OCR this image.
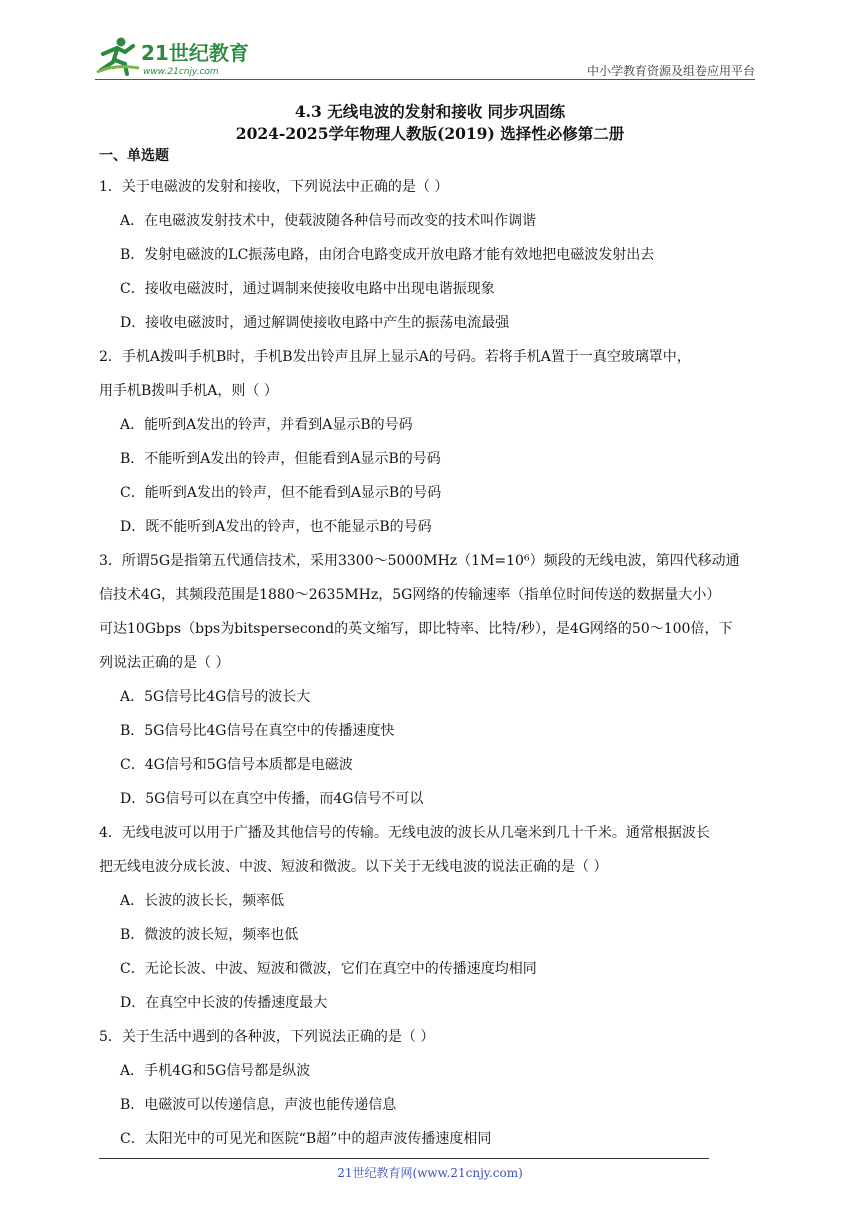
21世纪教育
www.21cnjy.com	中小学教育资源及组卷应用平台
4.3 无线电波的发射和接收 同步巩固练
2024-2025学年物理人教版(2019) 选择性必修第二册
一、单选题
1．关于电磁波的发射和接收，下列说法中正确的是（ ）
A．在电磁波发射技术中，使载波随各种信号而改变的技术叫作调谐
B．发射电磁波的LC振荡电路，由闭合电路变成开放电路才能有效地把电磁波发射出去
C．接收电磁波时，通过调制来使接收电路中出现电谐振现象
D．接收电磁波时，通过解调使接收电路中产生的振荡电流最强
2．手机A拨叫手机B时，手机B发出铃声且屏上显示A的号码。若将手机A置于一真空玻璃罩中，
用手机B拨叫手机A，则（ ）
A．能听到A发出的铃声，并看到A显示B的号码
B．不能听到A发出的铃声，但能看到A显示B的号码
C．能听到A发出的铃声，但不能看到A显示B的号码
D．既不能听到A发出的铃声，也不能显示B的号码
3．所谓5G是指第五代通信技术，采用3300～5000MHz（1M=10⁶）频段的无线电波，第四代移动通
信技术4G，其频段范围是1880～2635MHz，5G网络的传输速率（指单位时间传送的数据量大小）
可达10Gbps（bps为bitspersecond的英文缩写，即比特率、比特/秒），是4G网络的50～100倍，下
列说法正确的是（ ）
A．5G信号比4G信号的波长大
B．5G信号比4G信号在真空中的传播速度快
C．4G信号和5G信号本质都是电磁波
D．5G信号可以在真空中传播，而4G信号不可以
4．无线电波可以用于广播及其他信号的传输。无线电波的波长从几毫米到几十千米。通常根据波长
把无线电波分成长波、中波、短波和微波。以下关于无线电波的说法正确的是（ ）
A．长波的波长长，频率低
B．微波的波长短，频率也低
C．无论长波、中波、短波和微波，它们在真空中的传播速度均相同
D．在真空中长波的传播速度最大
5．关于生活中遇到的各种波，下列说法正确的是（ ）
A．手机4G和5G信号都是纵波
B．电磁波可以传递信息，声波也能传递信息
C．太阳光中的可见光和医院“B超”中的超声波传播速度相同
21世纪教育网(www.21cnjy.com)
